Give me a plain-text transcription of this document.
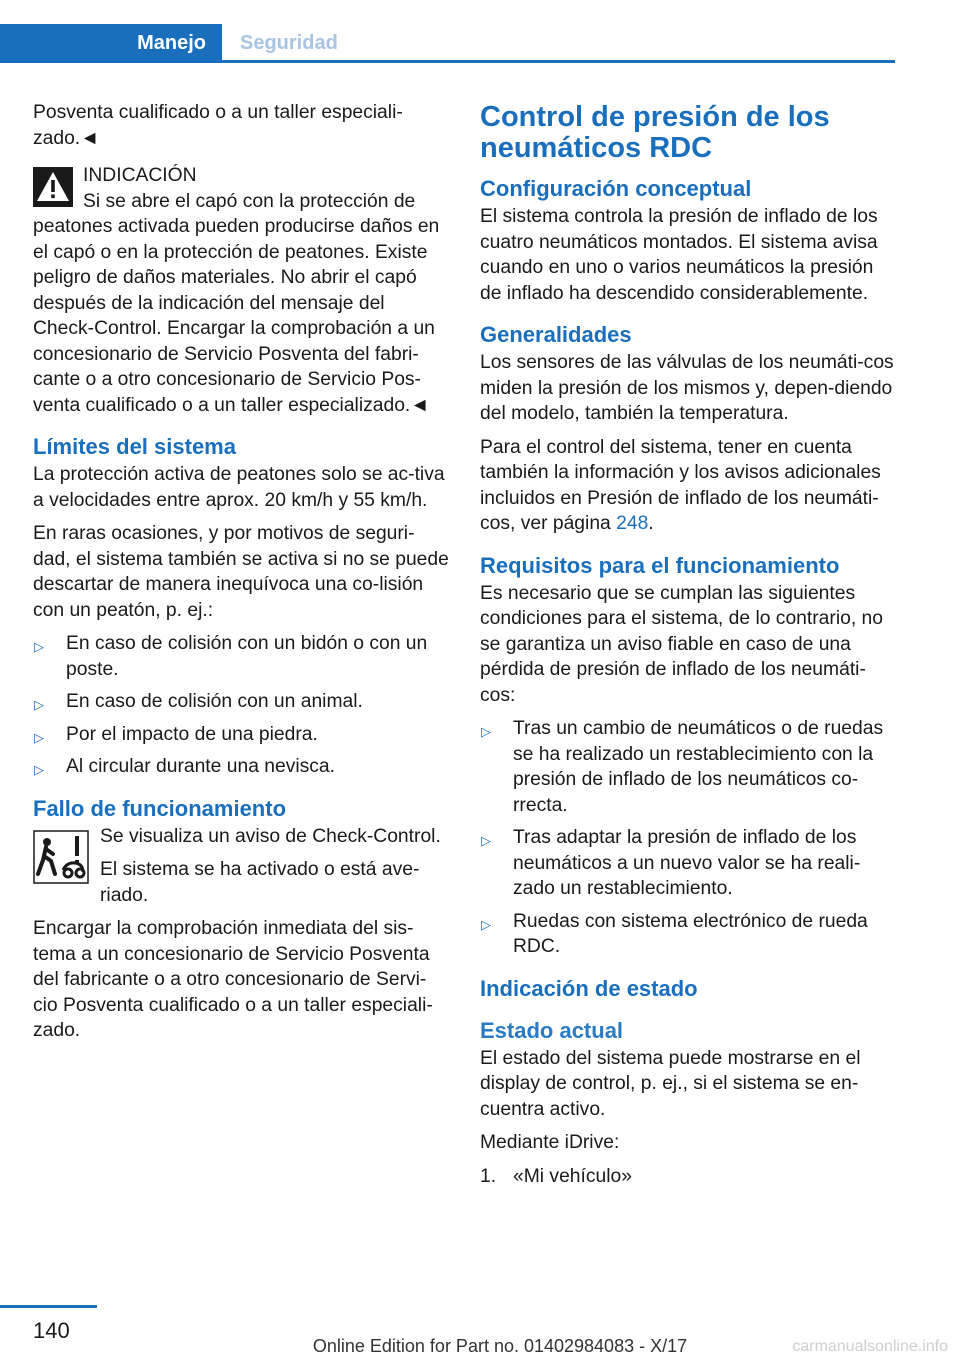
Manejo	Seguridad

Posventa cualificado o a un taller especiali-zado.◄

INDICACIÓN
Si se abre el capó con la protección de peatones activada pueden producirse daños en el capó o en la protección de peatones. Existe peligro de daños materiales. No abrir el capó después de la indicación del mensaje del Check-Control. Encargar la comprobación a un concesionario de Servicio Posventa del fabri-cante o a otro concesionario de Servicio Pos-venta cualificado o a un taller especializado.◄
Límites del sistema

La protección activa de peatones solo se ac-tiva a velocidades entre aprox. 20 km/h y 55 km/h.

En raras ocasiones, y por motivos de seguri-dad, el sistema también se activa si no se puede descartar de manera inequívoca una co-lisión con un peatón, p. ej.:

▷ En caso de colisión con un bidón o con un poste.
▷ En caso de colisión con un animal.
▷ Por el impacto de una piedra.
▷ Al circular durante una nevisca.
Fallo de funcionamiento

Se visualiza un aviso de Check-Control.

El sistema se ha activado o está ave-riado.

Encargar la comprobación inmediata del sis-tema a un concesionario de Servicio Posventa del fabricante o a otro concesionario de Servi-cio Posventa cualificado o a un taller especiali-zado.

Control de presión de los neumáticos RDC
Configuración conceptual

El sistema controla la presión de inflado de los cuatro neumáticos montados. El sistema avisa cuando en uno o varios neumáticos la presión de inflado ha descendido considerablemente.

Generalidades

Los sensores de las válvulas de los neumáti-cos miden la presión de los mismos y, depen-diendo del modelo, también la temperatura.

Para el control del sistema, tener en cuenta también la información y los avisos adicionales incluidos en Presión de inflado de los neumáti-cos, ver página 248.

Requisitos para el funcionamiento

Es necesario que se cumplan las siguientes condiciones para el sistema, de lo contrario, no se garantiza un aviso fiable en caso de una pérdida de presión de inflado de los neumáti-cos:

▷ Tras un cambio de neumáticos o de ruedas se ha realizado un restablecimiento con la presión de inflado de los neumáticos co-rrecta.
▷ Tras adaptar la presión de inflado de los neumáticos a un nuevo valor se ha reali-zado un restablecimiento.
▷ Ruedas con sistema electrónico de rueda RDC.
Indicación de estado
Estado actual

El estado del sistema puede mostrarse en el display de control, p. ej., si el sistema se en-cuentra activo.

Mediante iDrive:

1. «Mi vehículo»
140
Online Edition for Part no. 01402984083 - X/17	carmanualsonline.info
